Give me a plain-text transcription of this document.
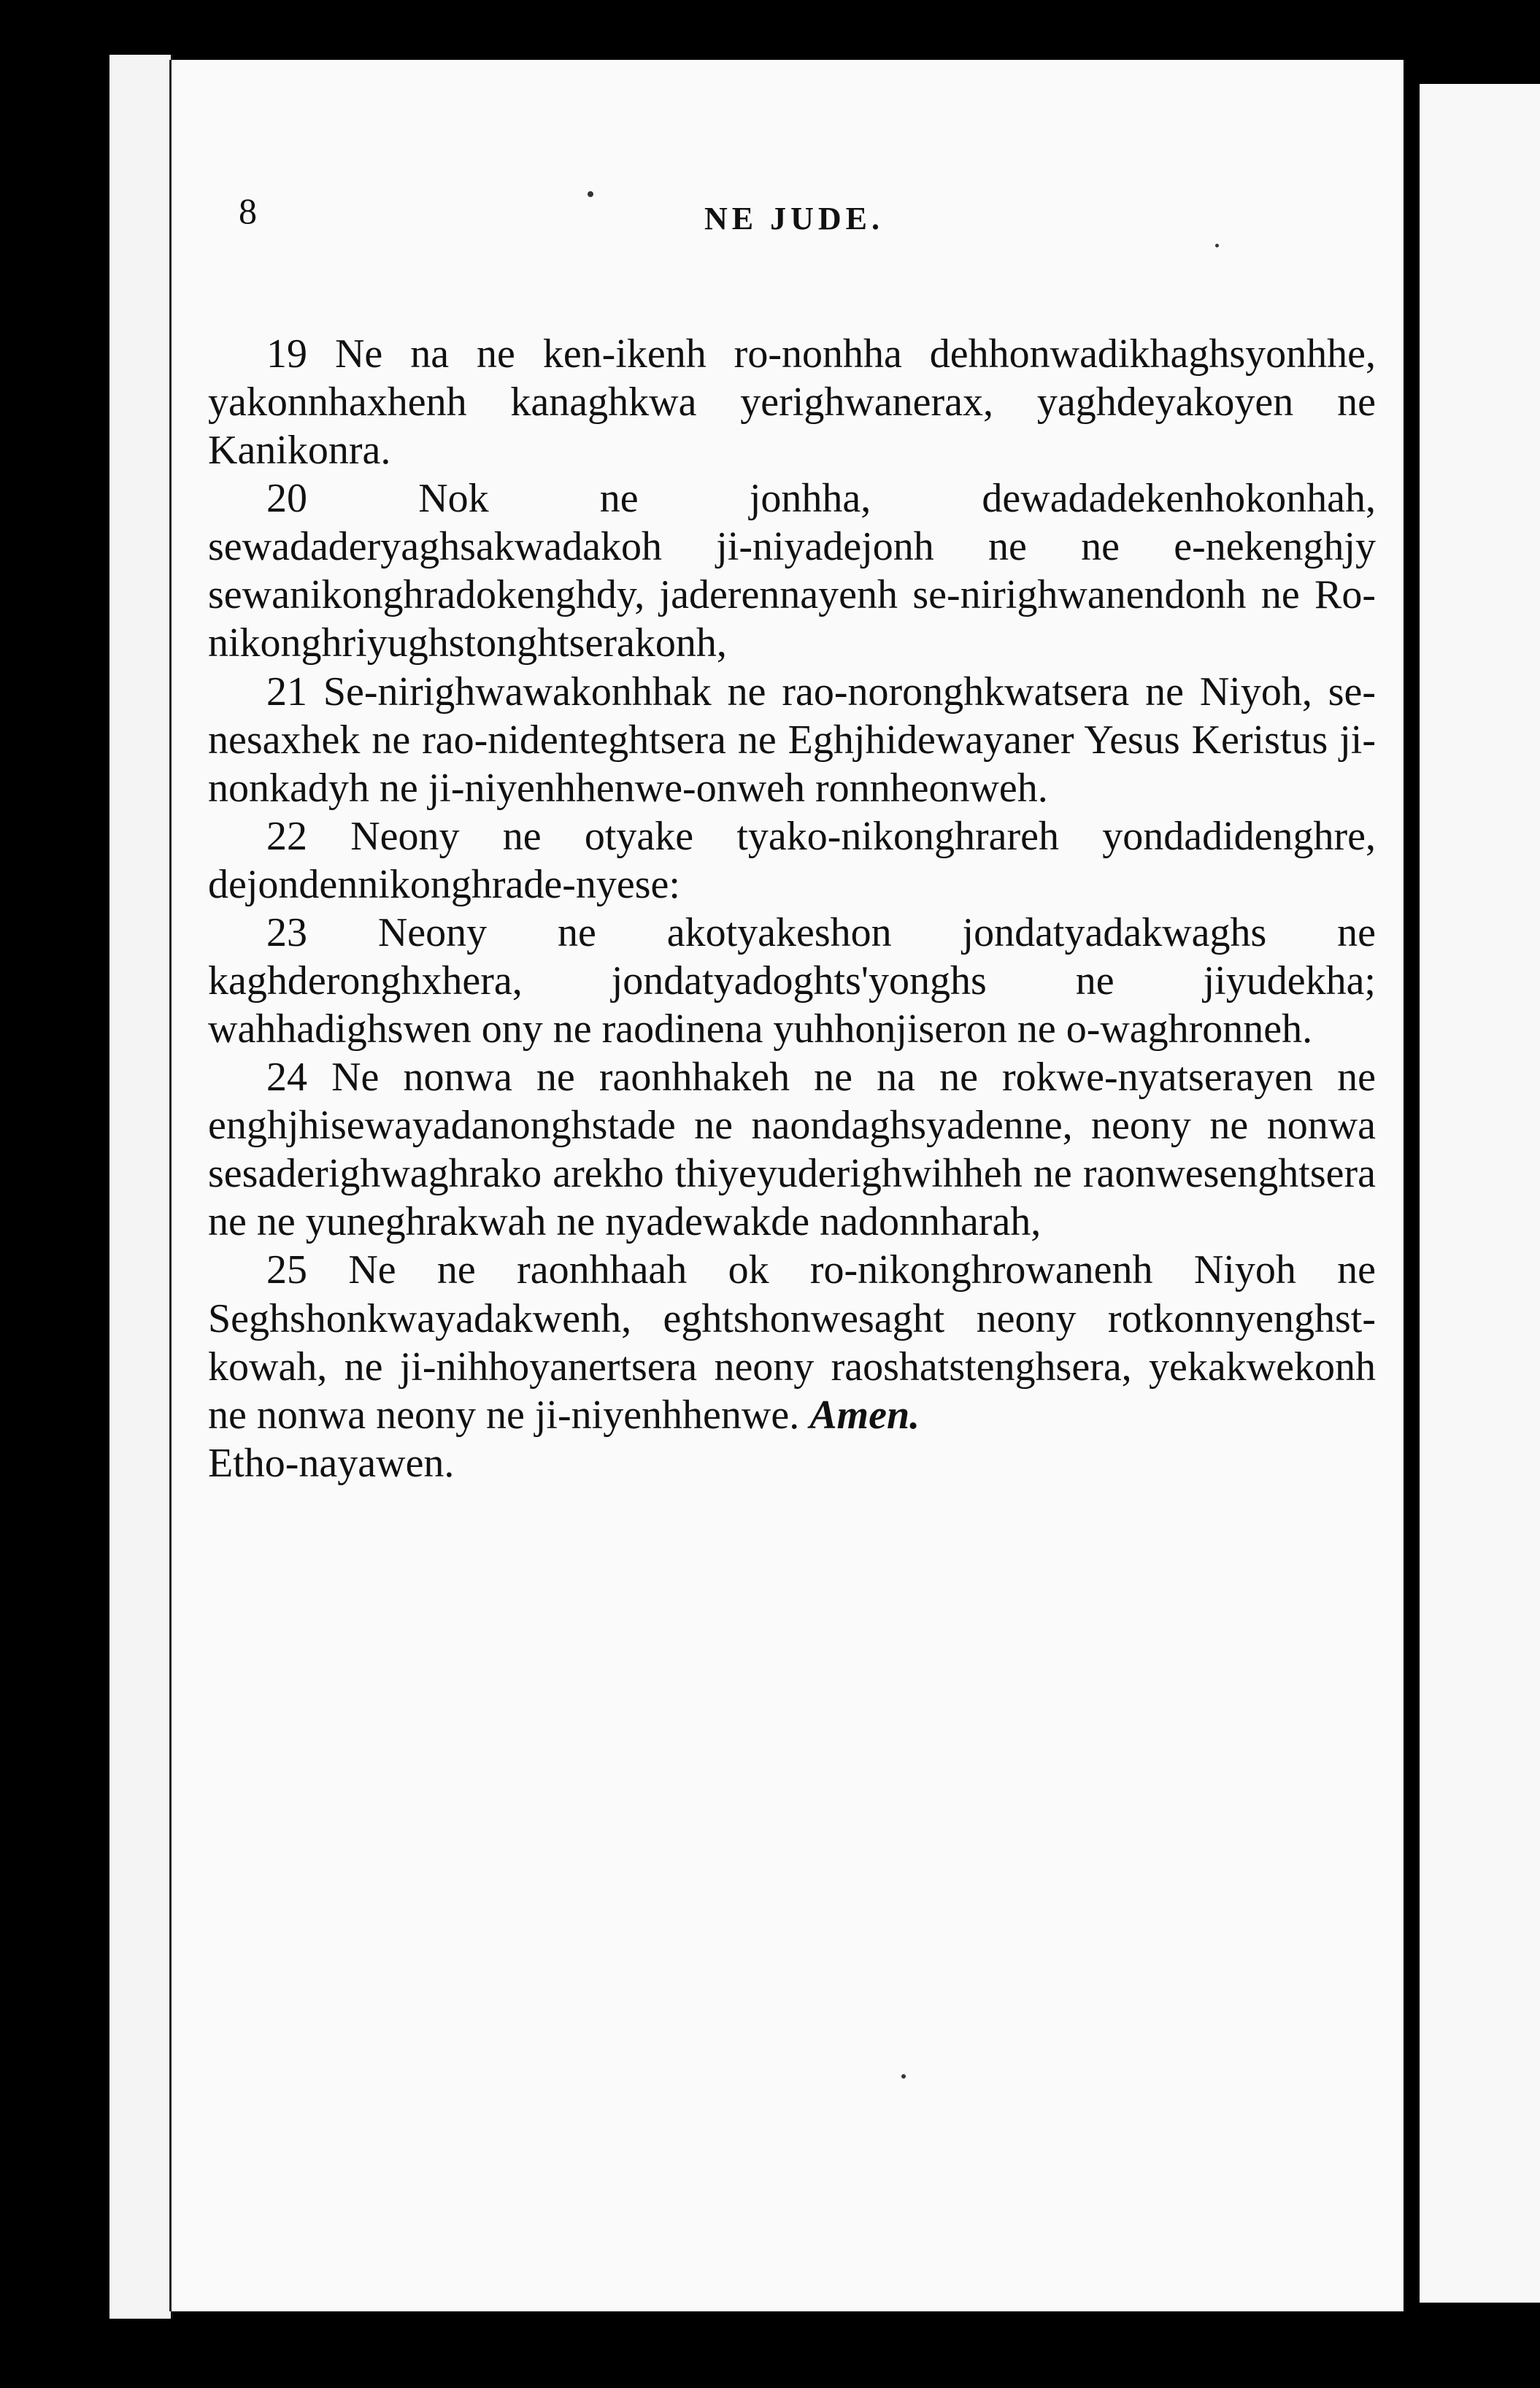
8	NE JUDE.

19 Ne na ne ken-ikenh ro-nonhha dehhonwadikhaghsyonhhe, yakonnhaxhenh kanaghkwa yerighwanerax, yaghdeyakoyen ne Kanikonra.

20	Nok ne jonhha, dewadadekenhokonhah, sewadaderyaghsakwadakoh ji-niyadejonh ne ne e-nekenghjy sewanikonghradokenghdy, jaderennayenh se-nirighwanendonh ne Ro-nikonghriyughstonghtserakonh,

21 Se-nirighwawakonhhak ne rao-noronghkwatsera ne Niyoh, se-nesaxhek ne rao-nidenteghtsera ne Eghjhidewayaner Yesus Keristus ji-nonkadyh ne ji-niyenhhenwe-onweh ronnheonweh.

22 Neony ne otyake tyako-nikonghrareh yondadidenghre, dejondennikonghrade-nyese:

23 Neony ne akotyakeshon jondatyadakwaghs ne kaghderonghxhera, jondatyadoghts'yonghs ne jiyudekha; wahhadighswen ony ne raodinena yuhhonjiseron ne o-waghronneh.

24 Ne nonwa ne raonhhakeh ne na ne rokwe-nyatserayen ne enghjhisewayadanonghstade ne naondaghsyadenne, neony ne nonwa sesaderighwaghrako arekho thiyeyuderighwihheh ne raonwesenghtsera ne ne yuneghrakwah ne nyadewakde nadonnharah,

25 Ne ne raonhhaah ok ro-nikonghrowanenh Niyoh ne Seghshonkwayadakwenh, eghtshonwesaght neony rotkonnyenghst-kowah, ne ji-nihhoyanertsera neony raoshatstenghsera, yekakwekonh ne nonwa neony ne ji-niyenhhenwe. Amen.

Etho-nayawen.
